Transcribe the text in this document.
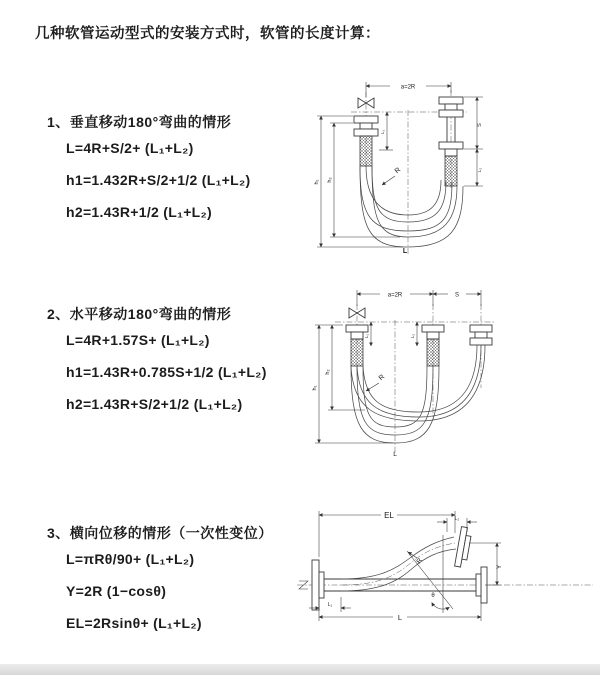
几种软管运动型式的安装方式时，软管的长度计算：
1、垂直移动180°弯曲的情形
L=4R+S/2+ (L₁+L₂)
h1=1.432R+S/2+1/2 (L₁+L₂)
h2=1.43R+1/2 (L₁+L₂)
2、水平移动180°弯曲的情形
L=4R+1.57S+ (L₁+L₂)
h1=1.43R+0.785S+1/2 (L₁+L₂)
h2=1.43R+S/2+1/2 (L₁+L₂)
3、横向位移的情形（一次性变位）
L=πRθ/90+ (L₁+L₂)
Y=2R (1−cosθ)
EL=2Rsinθ+ (L₁+L₂)
a=2R
h₁ h₂
L₁
S
L₂
R
L
a=2R	S
h₁
h₂
L₁	L₂
R
L
θ
R
EL	L₂
Y
L₁
L
